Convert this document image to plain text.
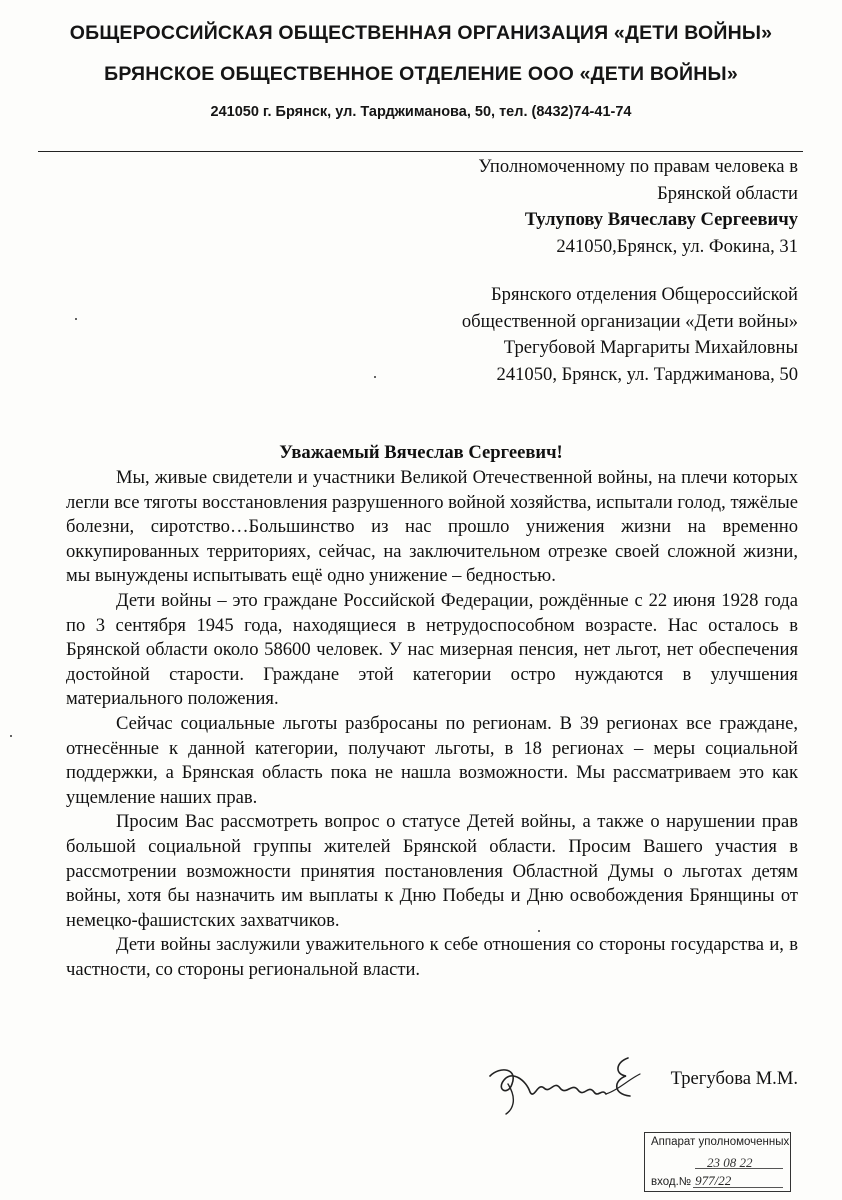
ОБЩЕРОССИЙСКАЯ ОБЩЕСТВЕННАЯ ОРГАНИЗАЦИЯ «ДЕТИ ВОЙНЫ»
БРЯНСКОЕ ОБЩЕСТВЕННОЕ ОТДЕЛЕНИЕ ООО «ДЕТИ ВОЙНЫ»
241050 г. Брянск, ул. Тарджиманова, 50, тел. (8432)74-41-74
Уполномоченному по правам человека в
Брянской области
Тулупову Вячеславу Сергеевичу
241050,Брянск, ул. Фокина, 31
Брянского отделения Общероссийской
общественной организации «Дети войны»
Трегубовой Маргариты Михайловны
241050, Брянск, ул. Тарджиманова, 50
Уважаемый Вячеслав Сергеевич!

Мы, живые свидетели и участники Великой Отечественной войны, на плечи которых легли все тяготы восстановления разрушенного войной хозяйства, испытали голод, тяжёлые болезни, сиротство…Большинство из нас прошло унижения жизни на временно оккупированных территориях, сейчас, на заключительном отрезке своей сложной жизни, мы вынуждены испытывать ещё одно унижение – бедностью.

Дети войны – это граждане Российской Федерации, рождённые с 22 июня 1928 года по 3 сентября 1945 года, находящиеся в нетрудоспособном возрасте. Нас осталось в Брянской области около 58600 человек. У нас мизерная пенсия, нет льгот, нет обеспечения достойной старости. Граждане этой категории остро нуждаются в улучшения материального положения.

Сейчас социальные льготы разбросаны по регионам. В 39 регионах все граждане, отнесённые к данной категории, получают льготы, в 18 регионах – меры социальной поддержки, а Брянская область пока не нашла возможности. Мы рассматриваем это как ущемление наших прав.

Просим Вас рассмотреть вопрос о статусе Детей войны, а также о нарушении прав большой социальной группы жителей Брянской области. Просим Вашего участия в рассмотрении возможности принятия постановления Областной Думы о льготах детям войны, хотя бы назначить им выплаты к Дню Победы и Дню освобождения Брянщины от немецко-фашистских захватчиков.

Дети войны заслужили уважительного к себе отношения со стороны государства и, в частности, со стороны региональной власти.

Трегубова М.М.
Аппарат уполномоченных
23 08 22
вход.№ 977/22
